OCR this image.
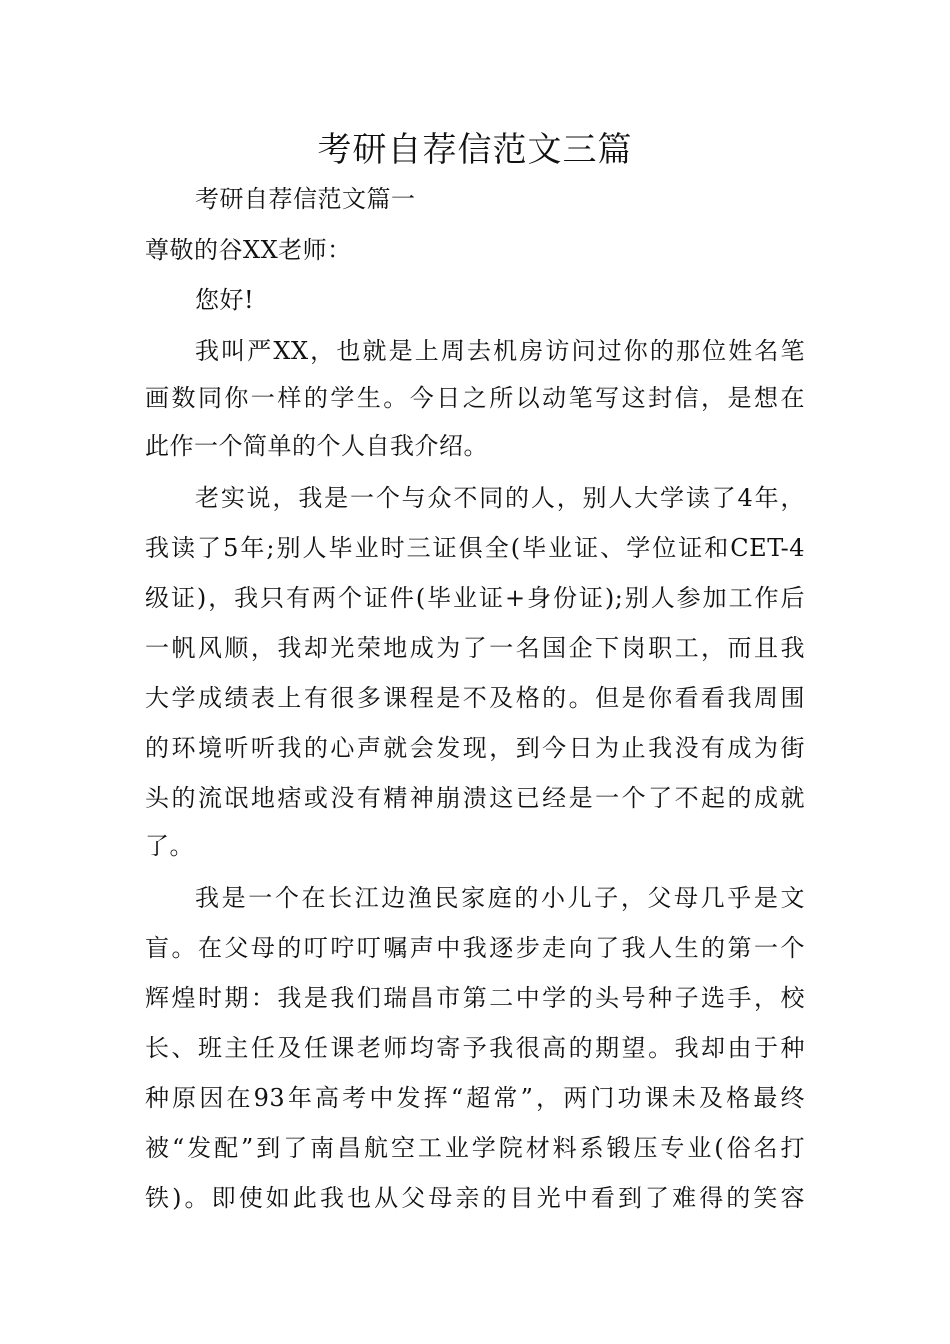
考研自荐信范文三篇
考研自荐信范文篇一
尊敬的谷XX老师：
您好!
我叫严XX，也就是上周去机房访问过你的那位姓名笔
画数同你一样的学生。今日之所以动笔写这封信，是想在
此作一个简单的个人自我介绍。
老实说，我是一个与众不同的人，别人大学读了4年，
我读了5年;别人毕业时三证俱全(毕业证、学位证和CET-4
级证)，我只有两个证件(毕业证+身份证);别人参加工作后
一帆风顺，我却光荣地成为了一名国企下岗职工，而且我
大学成绩表上有很多课程是不及格的。但是你看看我周围
的环境听听我的心声就会发现，到今日为止我没有成为街
头的流氓地痞或没有精神崩溃这已经是一个了不起的成就
了。
我是一个在长江边渔民家庭的小儿子，父母几乎是文
盲。在父母的叮咛叮嘱声中我逐步走向了我人生的第一个
辉煌时期：我是我们瑞昌市第二中学的头号种子选手，校
长、班主任及任课老师均寄予我很高的期望。我却由于种
种原因在93年高考中发挥“超常”，两门功课未及格最终
被“发配”到了南昌航空工业学院材料系锻压专业(俗名打
铁)。即使如此我也从父母亲的目光中看到了难得的笑容
